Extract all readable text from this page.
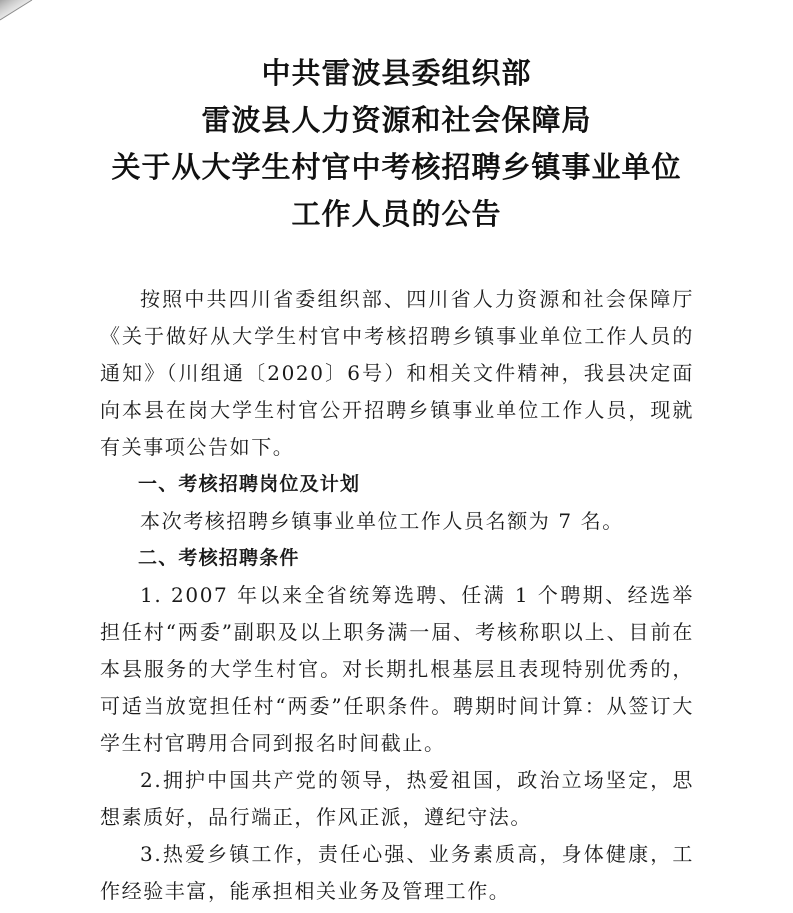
中共雷波县委组织部
雷波县人力资源和社会保障局
关于从大学生村官中考核招聘乡镇事业单位
工作人员的公告

按照中共四川省委组织部、四川省人力资源和社会保障厅《关于做好从大学生村官中考核招聘乡镇事业单位工作人员的通知》（川组通〔2020〕6号）和相关文件精神，我县决定面向本县在岗大学生村官公开招聘乡镇事业单位工作人员，现就有关事项公告如下。

一、考核招聘岗位及计划

本次考核招聘乡镇事业单位工作人员名额为 7 名。

二、考核招聘条件

1. 2007 年以来全省统筹选聘、任满 1 个聘期、经选举担任村“两委”副职及以上职务满一届、考核称职以上、目前在本县服务的大学生村官。对长期扎根基层且表现特别优秀的，可适当放宽担任村“两委”任职条件。聘期时间计算：从签订大学生村官聘用合同到报名时间截止。

2.拥护中国共产党的领导，热爱祖国，政治立场坚定，思想素质好，品行端正，作风正派，遵纪守法。

3.热爱乡镇工作，责任心强、业务素质高，身体健康，工作经验丰富，能承担相关业务及管理工作。
